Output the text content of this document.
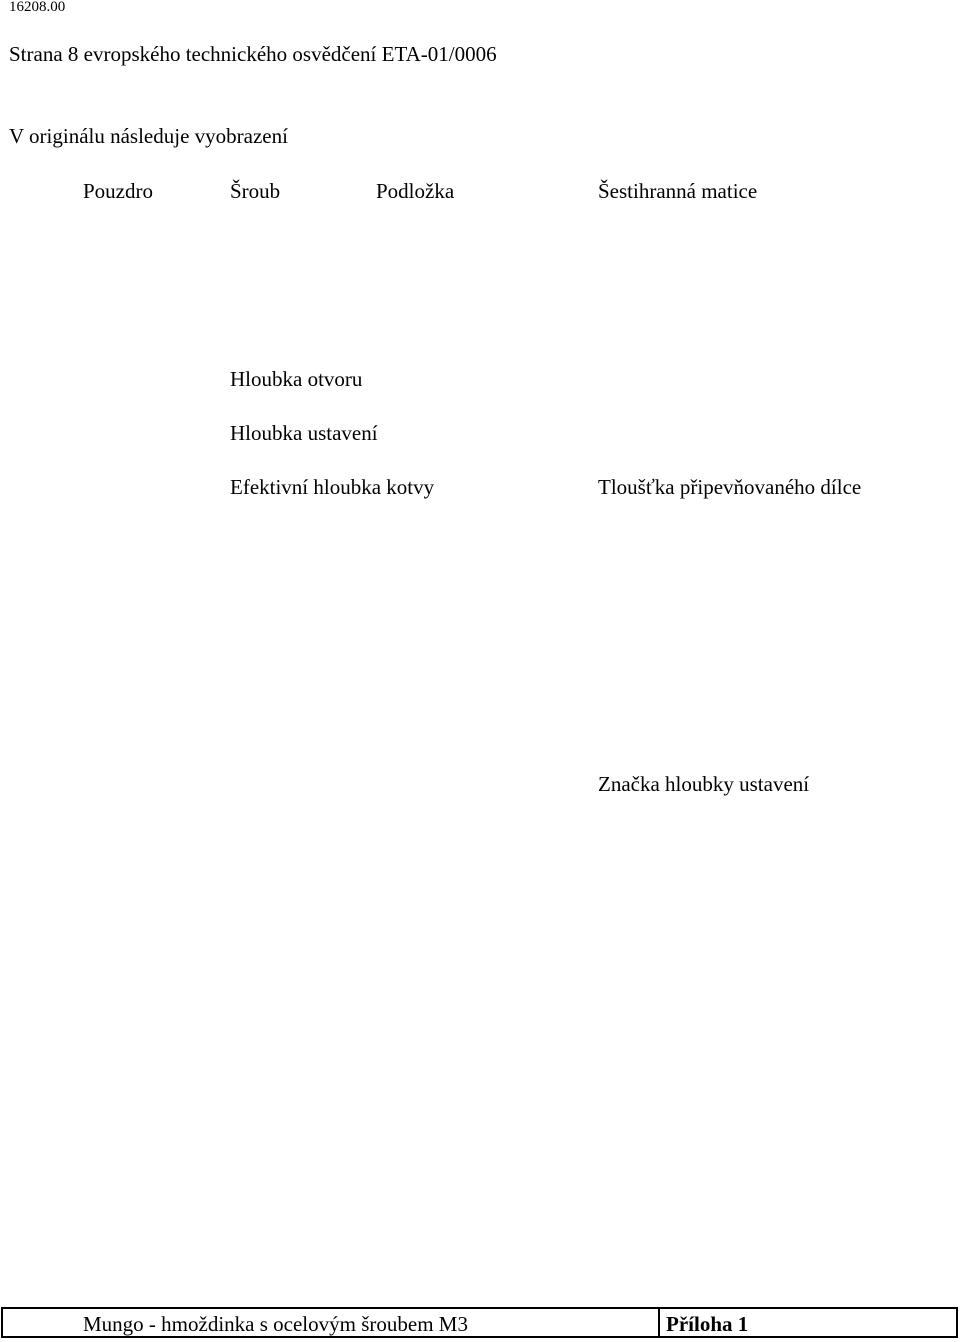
16208.00
Strana 8 evropského technického osvědčení ETA-01/0006
V originálu následuje vyobrazení
Pouzdro	Šroub	Podložka	Šestihranná matice
Hloubka otvoru
Hloubka ustavení
Efektivní hloubka kotvy	Tloušťka připevňovaného dílce
Značka hloubky ustavení
Mungo - hmoždinka s ocelovým šroubem M3	Příloha 1
